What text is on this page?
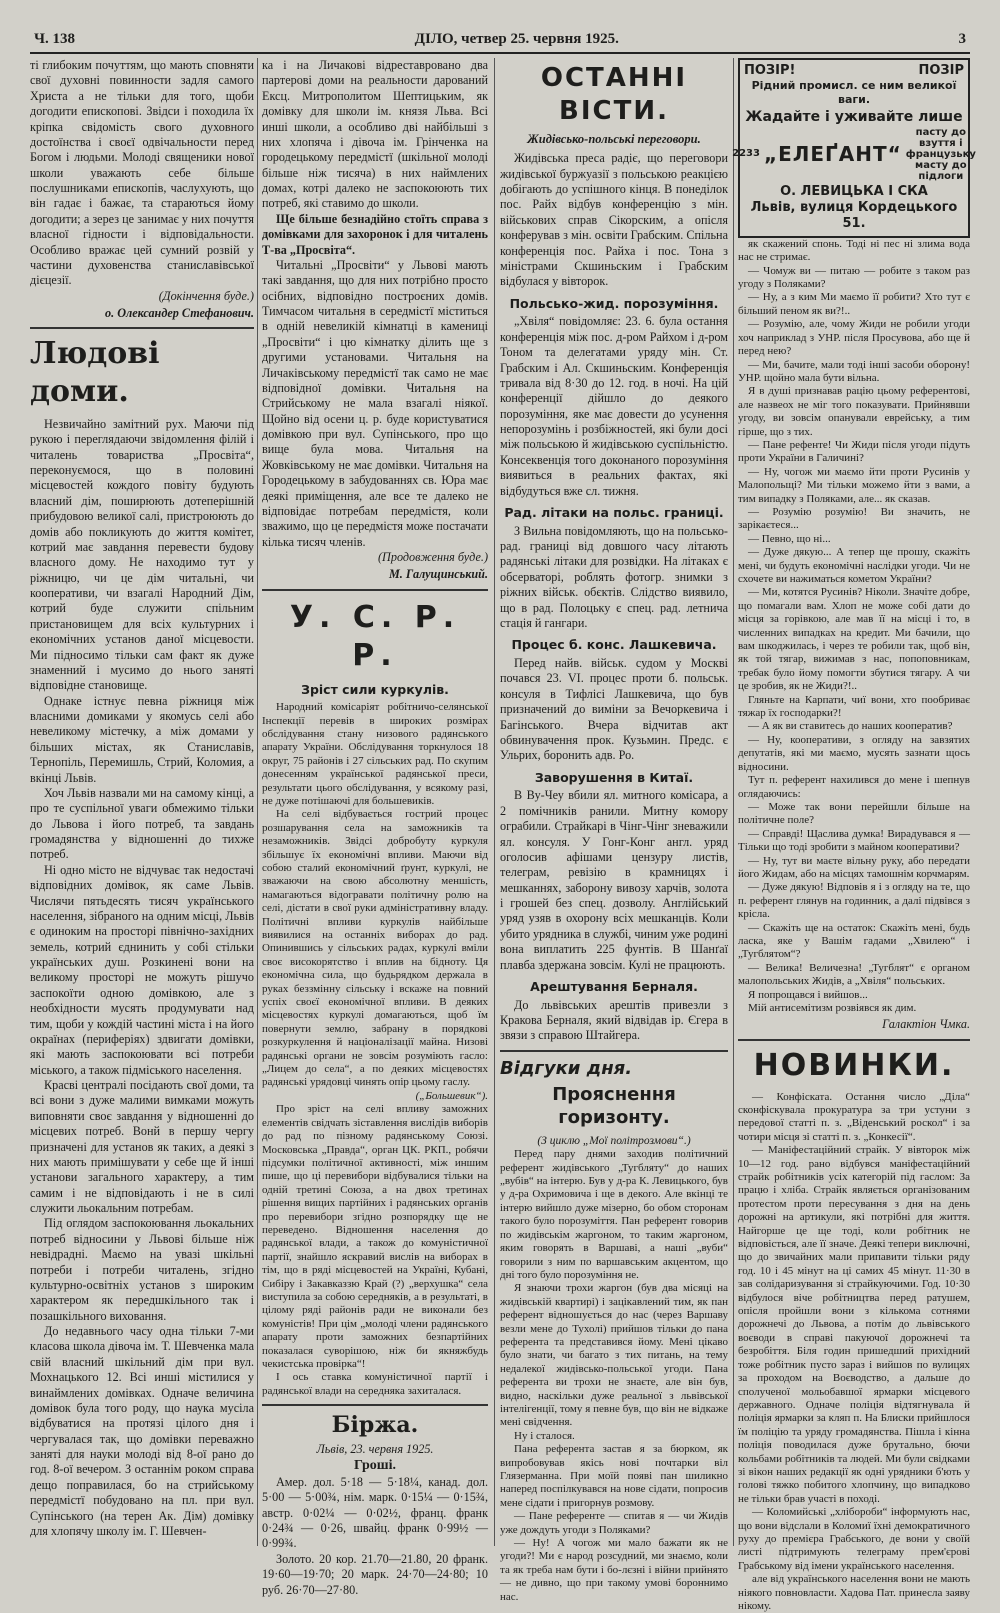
Ч. 138	ДІЛО, четвер 25. червня 1925.	3

ті глибоким почуттям, що мають сповняти свої духовні повинности задля самого Христа а не тільки для того, щоби догодити епископові. Звідси і походила їх кріпка свідомість свого духовного достоїнства і своєї одвічальности перед Богом і людьми. Молоді священики нової школи уважають себе більше послушниками епископів, часлухують, що він гадає і бажає, та стараються йому догодити; а зерез це занимає у них почуття власної гідности і відповідальности. Особливо вражає цей сумний розвій у частини духовенства станиславівської дієцезії.

(Докінчення буде.)
о. Олександер Стефанович.
Людові доми.

Незвичайно замітний рух. Маючи під рукою і переглядаючи звідомлення філій і читалень товариства „Просвіта“, переконуємося, що в половині місцевостей кождого повіту будують власний дім, поширюють дотеперішній прибудовою великої салі, пристроюють до домів або покликують до життя комітет, котрий має завдання перевести будову власного дому. Не находимо тут у ріжницю, чи це дім читальні, чи кооперативи, чи взагалі Народний Дім, котрий буде служити спільним пристановищем для всіх культурних і економічних установ даної місцевости. Ми підносимо тільки сам факт як дуже знаменний і мусимо до нього занятi відповідне становище.

Однаке істнує певна ріжниця між власними домиками у якомусь селі або невеликому містечку, а між домами у більших містах, як Станиславів, Тернопіль, Перемишль, Стрий, Коломия, а вкінці Львів.

Хоч Львів назвали ми на самому кінці, а про те суспільної уваги обмежимо тільки до Львова і його потреб, та завдань громадянства у відношенні до тихже потреб.

Ні одно місто не відчуває так недостачі відповідних домівок, як саме Львів. Числячи пятьдесять тисяч українського населення, зібраного на одним місці, Львів є одиноким на просторі північно-західних земель, котрий єднинить у собі стільки українських душ. Розкинені вони на великому просторі не можуть рішучо заспокоїти одною домівкою, але з необхідности мусять продумувати над тим, щоби у кождій частині міста і на його окраїнах (периферіях) здвигати домівки, які мають заспокоювати всі потреби міського, а також підміського населення.

Красві централі посідають свої доми, та всі вони з дуже малими вимками можуть виповняти своє завдання у відношенні до місцевих потреб. Вонй в першу чергу призначені для установ як таких, а деякі з них мають примішувати у себе ще й інші установи загального характеру, а тим самим і не відповідають і не в силі служити льокальним потребам.

Під оглядом заспокоювання льокальних потреб відносини у Львові більше ніж невідрадні. Маємо на увазі шкільні потреби і потреби читалень, згідно культурно-освітніх установ з широким характером як передшкільного так і позашкільного виховання.

До недавнього часу одна тільки 7-ми класова школа дівоча ім. Т. Шевченка мала свій власний шкільний дім при вул. Мохнацького 12. Всі инші містилися у винаймлених домівках. Одначе величина домівок була того роду, що наука мусіла відбуватися на протязі цілого дня і чергувалася так, що домівки переважно заняті для науки молоді від 8-ої рано до год. 8-ої вечером. З останнім роком справа дещо поправилася, бо на стрийському передмістї побудовано на пл. при вул. Супінського (на терен Ак. Дім) домівку для хлопячу школу ім. Г. Шевчен-

ка і на Личакові відреставровано два партерові доми на реальности дарований Ексц. Митрополитом Шептицьким, як домівку для школи ім. князя Льва. Всі инші школи, а особливо дві найбільші з них хлопяча і дівоча ім. Грінченка на городецькому передмістї (шкільної молоді більше ніж тисяча) в них наймлених домах, котрі далеко не заспокоюють тих потреб, які ставимо до школи.

Ще більше безнадійно стоїть справа з домівками для захоронок і для читалень Т-ва „Просвіта“.

Читальні „Просвіти“ у Львові мають такі завдання, що для них потрібно просто осібних, відповідно построєних домів. Тимчасом читальня в середмістї міститься в одній невеликій кімнатці в камениці „Просвіти“ і цю кімнатку ділить ще з другими установами. Читальня на Личаківському передмістї так само не має відповідної домівки. Читальня на Стрийському не мала взагалі ніякої. Щойно від осени ц. р. буде користуватися домівкою при вул. Супінського, про що вище була мова. Читальня на Жовківському не має домівки. Читальня на Городецькому в забудованнях св. Юра має деякі приміщення, але все те далеко не відповідає потребам передмістя, коли зважимо, що це передмістя може постачати кілька тисяч членів.

(Продовження буде.)
М. Галущинський.
У. С. Р. Р.
Зріст сили куркулів.

Народний комісаріят робітничо-селянської Інспекції перевів в широких розмірах обслідування стану низового радянського апарату України. Обслідування торкнулося 18 округ, 75 районів і 27 сільських рад. По скупим донесенням української радянської преси, результати цього обслідування, у всякому разі, не дуже потішаючі для большевиків.

На селі відбувається гострий процес розшарування села на заможників та незаможників. Звідсі добробуту куркуля збільшує їх економічні впливи. Маючи від собою сталий економічний ґрунт, куркулі, не зважаючи на свою абсолютну меншість, намагаються відогравати політичну ролю на селі, дістати в свої руки адміністративну владу. Політичні впливи куркулів найбільше виявилися на останніх виборах до рад. Опинившись у сільських радах, куркулі вміли своє високорятство і вплив на бідноту. Ця економічна сила, що будьрядком держала в руках беззмінну сільську і вскаже на повний успіх своєї економічної впливи. В деяких місцевостях куркулі домагаються, щоб їм повернути землю, забрану в порядкові розкуркулення й націоналізації майна. Низові радянські органи не зовсім розуміють гасло: „Лицем до села“, а по деяких місцевостях радянські урядовці чинять опір цьому гаслу.

(„Большевик“).

Про зріст на селі впливу заможних елементів свідчать зіставлення вислідів виборів до рад по пізному радянському Союзі. Московська „Правда“, орган ЦК. РКП., робячи підсумки політичної активності, між иншим пише, що ці перевибори відбувалися тільки на одній третині Союза, а на двох третинах рішення вищих партійних і радянських органів про перевибори згідно розпорядку ще не переведено. Відношення населення до радянської влади, а також до комуністичної партії, знайшло яскравий вислів на виборах в тім, що в ряді місцевостей на Україні, Кубані, Сибіру і Закавказзю Край (?) „верхушка“ села виступила за собою середняків, а в результаті, в цілому ряді районів ради не виконали без комуністів! При цім „молоді члени радянського апарату проти заможних безпартійних показалася суворішою, ніж би якняжбудь чекистська провірка“!

І ось ставка комуністичної партії і радянської влади на середняка захиталася.

Біржа.
Львів, 23. червня 1925.
Гроші.

Амер. дол. 5·18 — 5·18¼, канад. дол. 5·00 — 5·00¾, нім. марк. 0·15¼ — 0·15¾, австр. 0·02¼ — 0·02½, франц. франк 0·24¾ — 0·26, швайц. франк 0·99½ — 0·99¾.

Золото. 20 кор. 21.70—21.80, 20 франк. 19·60—19·70; 20 марк. 24·70—24·80; 10 руб. 26·70—27·80.

ОСТАННІ ВІСТИ.
Жидівсько-польські переговори.

Жидівська преса радіє, що переговори жидівської буржуазії з польською реакцією добігають до успішного кінця. В понеділок пос. Райх відбув конференцію з мін. військових справ Сікорским, а опісля конферував з мін. освіти Грабским. Спільна конференція пос. Райха і пос. Тона з міністрами Скшиньским і Грабским відбулася у вівторок.

Польсько-жид. порозуміння.

„Хвіля“ повідомляє: 23. 6. була остання конференція між пос. д-ром Райхом і д-ром Тоном та делегатами уряду мін. Ст. Грабским і Ал. Скшиньским. Конференція тривала від 8·30 до 12. год. в ночі. На цій конференції дійшло до деякого порозуміння, яке має довести до усунення непорозумінь і розбіжностей, які були досі між польською й жидівською суспільністю. Консеквенція того доконаного порозуміння виявиться в реальних фактах, які відбудуться вже сл. тижня.

Рад. літаки на польс. границі.

З Вильна повідомляють, що на польсько-рад. границі від довшого часу літають радянські літаки для розвідки. На літаках є обсерваторі, роблять фотогр. знимки з ріжних військ. обєктів. Слідство виявило, що в рад. Полоцьку є спец. рад. летнича стація й гангари.

Процес б. конс. Лашкевича.

Перед найв. військ. судом у Москві почався 23. VI. процес проти б. польськ. консуля в Тифлісі Лашкевича, що був призначений до виміни за Вечоркевича і Багінського. Вчера відчитав акт обвинувачення прок. Кузьмин. Предс. є Ульрих, боронить адв. Ро.

Заворушення в Китаї.

В Ву-Чеу вбили ял. митного комісара, а 2 помічників ранили. Митну комору ограбили. Страйкарі в Чінг-Чінг зневажили ял. консуля. У Гонг-Конг англ. уряд оголосив афішами цензуру листів, телеграм, ревізію в крамницях і мешканнях, заборону вивозу харчів, золота і грошей без спец. дозволу. Англійський уряд узяв в охорону всіх мешканців. Коли убито урядника в службі, чиним уже родині вона виплатить 225 фунтів. В Шанґаї плавба здержана зовсім. Кулі не працюють.

Арештування Берналя.

До львівських арештів привезли з Кракова Берналя, який відвідав ір. Єгера в звязи з справою Штайгера.

Відгуки дня.
Прояснення горизонту.
(З циклю „Мої політрозмови“.)

Перед пару днями заходив політичний референт жидівського „Тугбляту“ до наших „вубів“ на інтерю. Був у д-ра К. Левицького, був у д-ра Охримовича і ще в декого. Але вкінці те інтерю вийшло дуже мізерно, бо обом сторонам такого було порозуміття. Пан референт говорив по жидівськім жаргоном, то таким жаргоном, яким говорять в Варшаві, а наші „вуби“ говорили з ним по варшавським акцентом, що дні того було порозуміння не.

Я знаючи трохи жаргон (був два місяці на жидівській квартирі) і зацікавлений тим, як пан референт відношується до нас (через Варшаву везли мене до Тухолі) прийшов тільки до пана референта та представився йому. Мені цікаво було знати, чи багато з тих питань, на тему недалекої жидівсько-польської угоди. Пана референта ви трохи не знаєте, але він був, видно, наскільки дуже реальної з львівської інтелігенції, тому я певне був, що він не відкаже мені свідчення.

Ну і сталося.

Пана референта застав я за бюрком, як випробовував якісь нові почтарки віл Глязерманна. При моїй появі пан шиликно наперед поспілкувався на нове сідати, попросив мене сідати і пригорнув розмову.

— Пане референте — спитав я — чи Жидів уже дождуть угоди з Поляками?

— Ну! А чогож ми мало бажати як не угоди?! Ми є народ розсудний, ми знаємо, коли та як треба нам бути і бо-лєзні і війни прийнято — не дивно, що при такому умові бороннимо нас.

ПОЗІР!	ПОЗІР
Рідний промисл. се ним великої ваги.
Жадайте і уживайте лише
2233 „ЕЛЕҐАНТ“
пасту до взуття і французьку масту до підлоги
О. ЛЕВИЦЬКА І СКА
Львів, вулиця Кордецького 51.

як скажений спонь. Тоді ні пес ні злима вода нас не стримає.

— Чомуж ви — питаю — робите з таком раз угоду з Поляками?

— Ну, а з ким Ми маємо її робити? Хто тут є більший пеном як ви?!..

— Розумію, але, чому Жиди не робили угоди хоч наприклад з УНР. після Просувова, або ще й перед нею?

— Ми, бачите, мали тоді інші засоби оборону! УНР. щойно мала бути вільна.

Я в душі признавав рацію цьому референтові, але назвеох не міг того показувати. Прийнявши угоду, ви зовсім опанували еврейську, а тим гірше, що з тих.

— Пане рефенте! Чи Жиди після угоди підуть проти України в Галичині?

— Ну, чогож ми маємо йти проти Русинів у Малопольщі? Ми тільки можемо йти з вами, а тим випадку з Поляками, але... як сказав.

— Розумію розумію! Ви значить, не зарікаєтеся...

— Певно, що ні...

— Дуже дякую... А тепер ще прошу, скажіть мені, чи будуть економічні наслідки угоди. Чи не схочете ви нажиматься кометом України?

— Ми, котятся Русинів? Ніколи. Значіте добре, що помагали вам. Хлоп не може собі дати до місця за горівкою, але мав її на місці і то, в численних випадках на кредит. Ми бачили, що вам шкоджилась, і через те робили так, щоб він, як той тягар, вижимав з нас, попоповникам, требак було йому помогти збутися тягару. А чи це зробив, як не Жиди?!..

Гляньте на Карпати, чиї вони, хто пообриває тяжар їх господарки?!

— А як ви ставитесь до наших кооператив?

— Ну, кооперативи, з огляду на завзятих депутатів, які ми маємо, мусять зазнати щось відносини.

Тут п. референт нахилився до мене і шепнув оглядаючись:

— Може так вони перейшли більше на політичне поле?

— Справді! Щаслива думка! Вирадувався я — Тільки що тоді зробити з майном кооперативи?

— Ну, тут ви маєте вільну руку, або передати його Жидам, або на місцях тамошнім корчмарям.

— Дуже дякую! Відповів я і з огляду на те, що п. референт глянув на годинник, а далі підвівся з крісла.

— Скажіть ще на остаток: Скажіть мені, будь ласка, яке у Вашім гадами „Хвилею“ і „Тугблятом“?

— Велика! Величезна! „Тугблят“ є органом малопольських Жидів, а „Хвіля“ польських.

Я попрощався і вийшов...

Мій антисемітизм розвіявся як дим.

Галактіон Чмка.
НОВИНКИ.

— Конфіската. Остання число „Діла“ сконфіскувала прокуратура за три устуни з передової статті п. з. „Віденський роскол“ і за чотири місця зі статті п. з. „Конкесії“.

— Маніфестаційний страйк. У вівторок між 10—12 год. рано відбувся маніфестаційний страйк робітників усіх категорій під гаслом: За працю і хліба. Страйк являється організованим протестом проти пересування з дня на день дорожні на артикули, які потрібні для життя. Найгорше це ще тоді, коли робітник не відповісться, але її значе. Деякі тепери виключні, що до звичайних мали припавити тільки ряду год. 10 і 45 мінут на ці самих 45 мінут. 11·30 в зав солідаризування зі страйкуючими. Год. 10·30 відбулося віче робітництва перед ратушем, опісля пройшли вони з кількома сотнями дорожнечі до Львова, а потім до львівського воєводи в справі пакуючої дорожнечі та безробіття. Біля годин пришедший прихідний тоже робітник пусто зараз і вийшов по вулицях за проходом на Воєводство, а дальше до сполученої мольобавшої ярмарки місцевого державного. Одначе поліція відтягнувала й поліція ярмарки за кляп п. На Блиски прийшлося їм поліцію та уряду громадянства. Пішла і кінна поліція поводилася дуже брутально, бючи кольбами робітників та людей. Ми були свідками зі вікон наших редакції як одні урядники б'ють у голові тяжко побитого хлопчину, що випадково не тільки брав участі в поході.

— Коломийські „хлібороби“ інформують нас, що вони відслали в Коломиї їхні демократичного руху до премієра Грабського, де вони у своїй листі підтримують телеграму прем'єрові Грабському від імени українського населення.

але від українського населення вони не мають ніякого повновласти. Хадова Пат. принесла заяву нікому.
